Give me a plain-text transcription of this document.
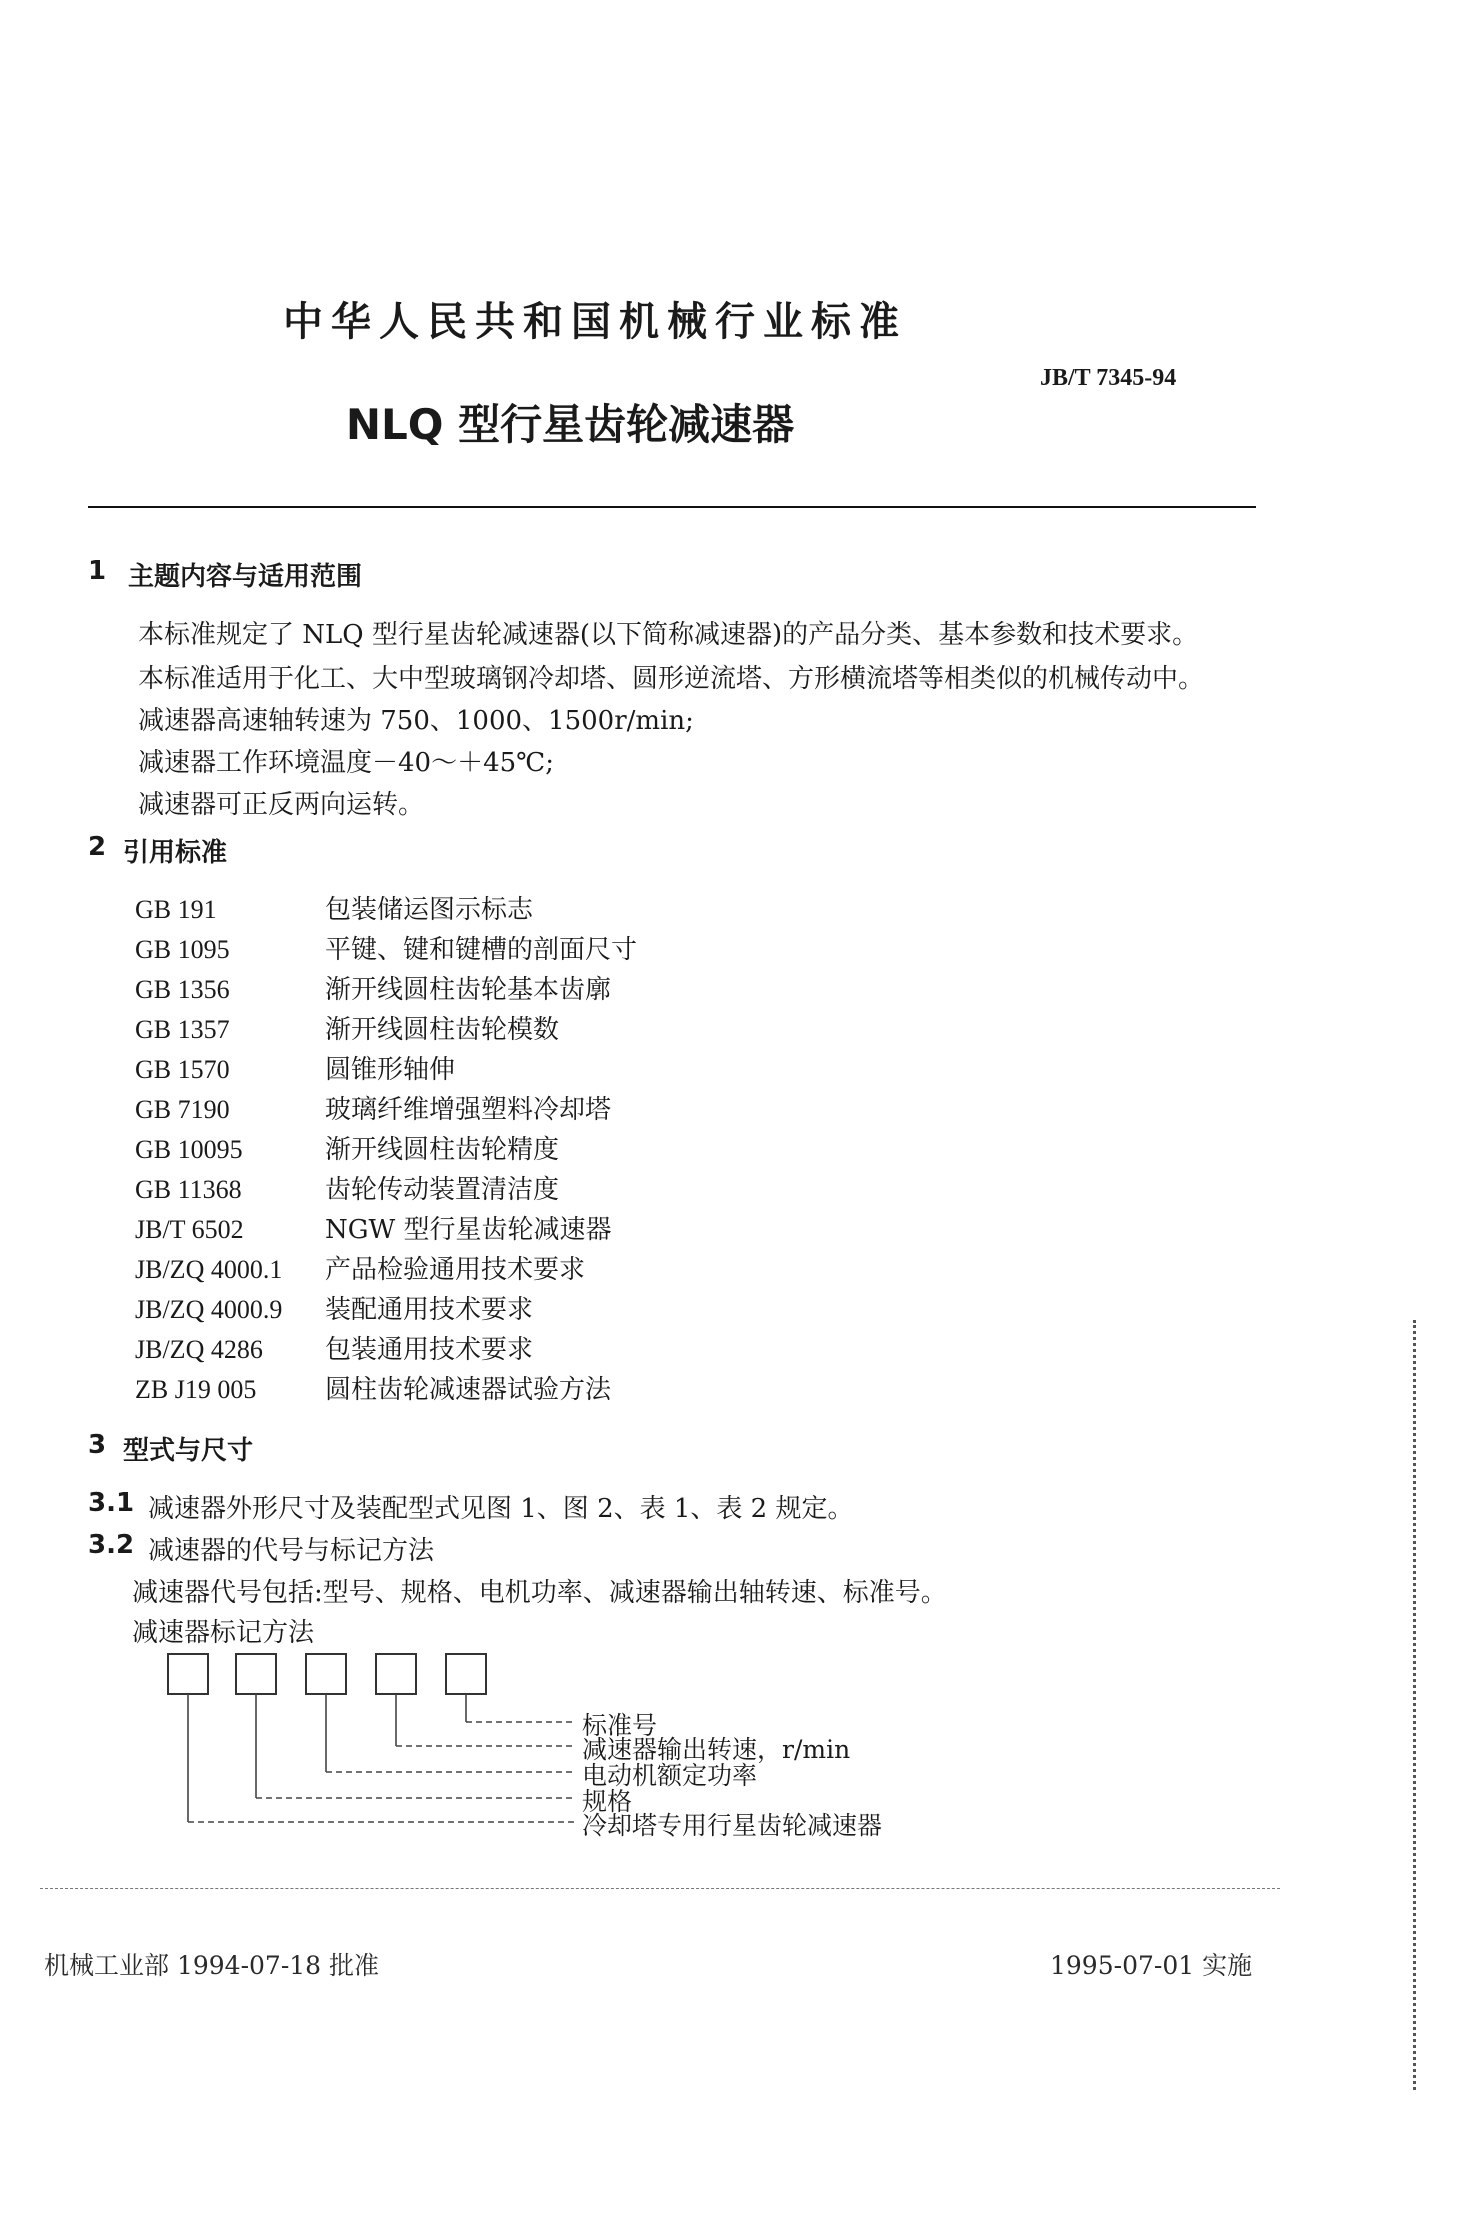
中华人民共和国机械行业标准
JB/T 7345-94
NLQ 型行星齿轮减速器
1 主题内容与适用范围
本标准规定了 NLQ 型行星齿轮减速器(以下简称减速器)的产品分类、基本参数和技术要求。
本标准适用于化工、大中型玻璃钢冷却塔、圆形逆流塔、方形横流塔等相类似的机械传动中。
减速器高速轴转速为 750、1000、1500r/min;
减速器工作环境温度－40～＋45℃;
减速器可正反两向运转。
2 引用标准
GB 191	包装储运图示标志
GB 1095	平键、键和键槽的剖面尺寸
GB 1356	渐开线圆柱齿轮基本齿廓
GB 1357	渐开线圆柱齿轮模数
GB 1570	圆锥形轴伸
GB 7190	玻璃纤维增强塑料冷却塔
GB 10095	渐开线圆柱齿轮精度
GB 11368	齿轮传动装置清洁度
JB/T 6502	NGW 型行星齿轮减速器
JB/ZQ 4000.1 产品检验通用技术要求
JB/ZQ 4000.9 装配通用技术要求
JB/ZQ 4286 包装通用技术要求
ZB J19 005	圆柱齿轮减速器试验方法
3 型式与尺寸
3.1 减速器外形尺寸及装配型式见图 1、图 2、表 1、表 2 规定。
3.2 减速器的代号与标记方法
减速器代号包括:型号、规格、电机功率、减速器输出轴转速、标准号。
减速器标记方法
标准号
减速器输出转速，r/min
电动机额定功率
规格
冷却塔专用行星齿轮减速器
机械工业部 1994-07-18 批准	1995-07-01 实施
